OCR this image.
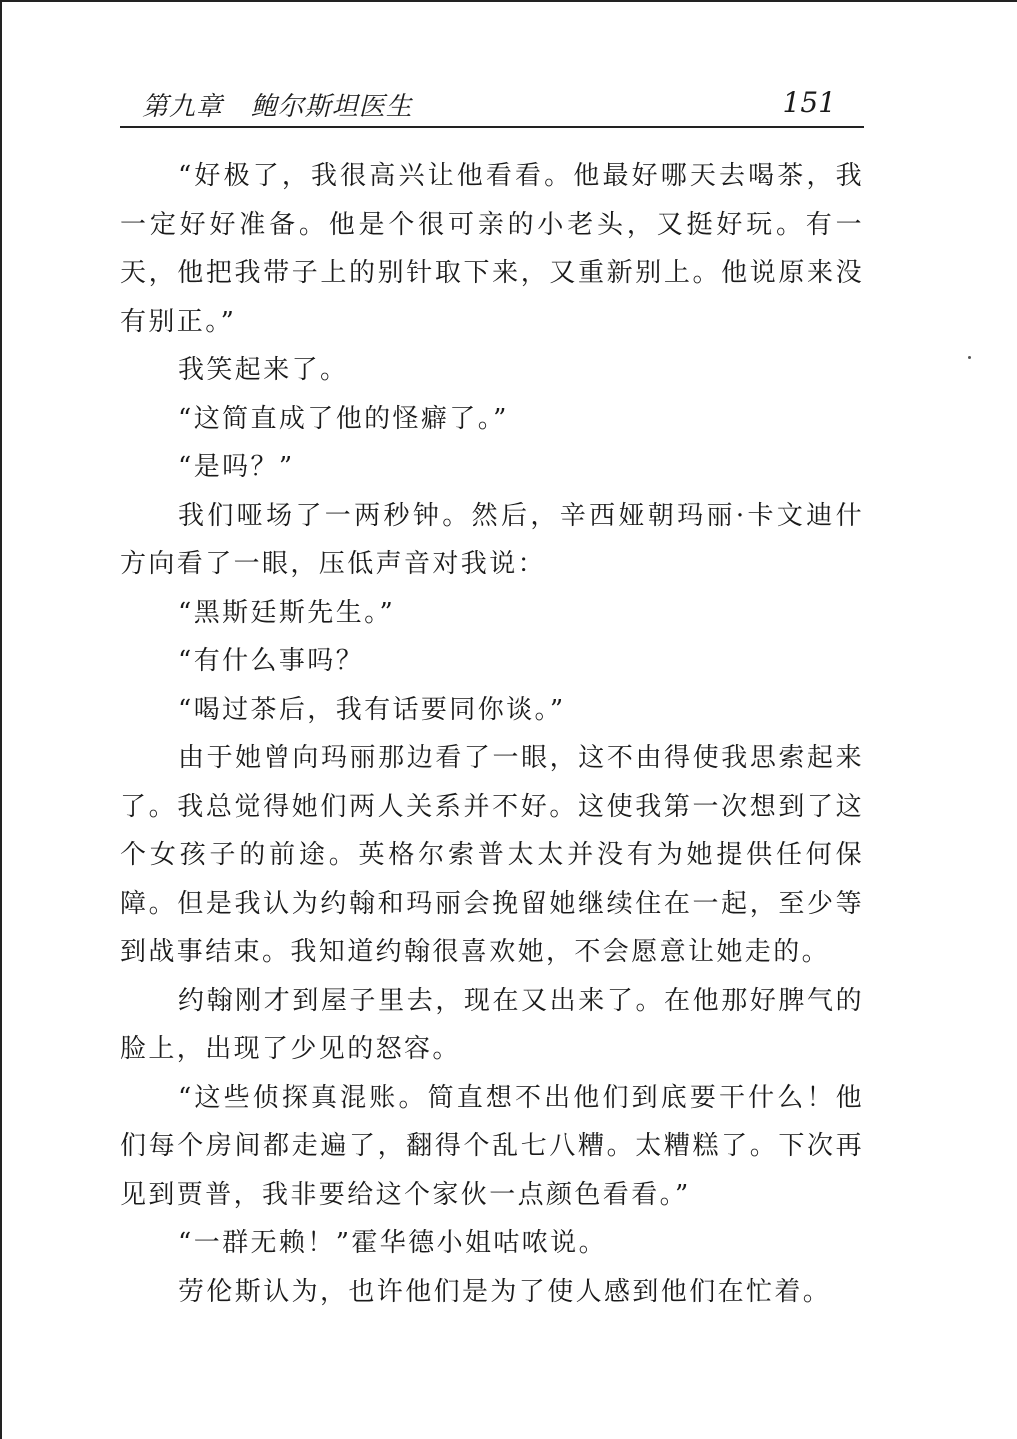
第九章   鲍尔斯坦医生	151

“好极了，我很高兴让他看看。他最好哪天去喝茶，我一定好好准备。他是个很可亲的小老头，又挺好玩。有一天，他把我带子上的别针取下来，又重新别上。他说原来没有别正。”

我笑起来了。

“这简直成了他的怪癖了。”

“是吗？”

我们哑场了一两秒钟。然后，辛西娅朝玛丽·卡文迪什方向看了一眼，压低声音对我说：

“黑斯廷斯先生。”

“有什么事吗？

“喝过茶后，我有话要同你谈。”

由于她曾向玛丽那边看了一眼，这不由得使我思索起来了。我总觉得她们两人关系并不好。这使我第一次想到了这个女孩子的前途。英格尔索普太太并没有为她提供任何保障。但是我认为约翰和玛丽会挽留她继续住在一起，至少等到战事结束。我知道约翰很喜欢她，不会愿意让她走的。

约翰刚才到屋子里去，现在又出来了。在他那好脾气的脸上，出现了少见的怒容。

“这些侦探真混账。简直想不出他们到底要干什么！他们每个房间都走遍了，翻得个乱七八糟。太糟糕了。下次再见到贾普，我非要给这个家伙一点颜色看看。”

“一群无赖！”霍华德小姐咕哝说。

劳伦斯认为，也许他们是为了使人感到他们在忙着。
